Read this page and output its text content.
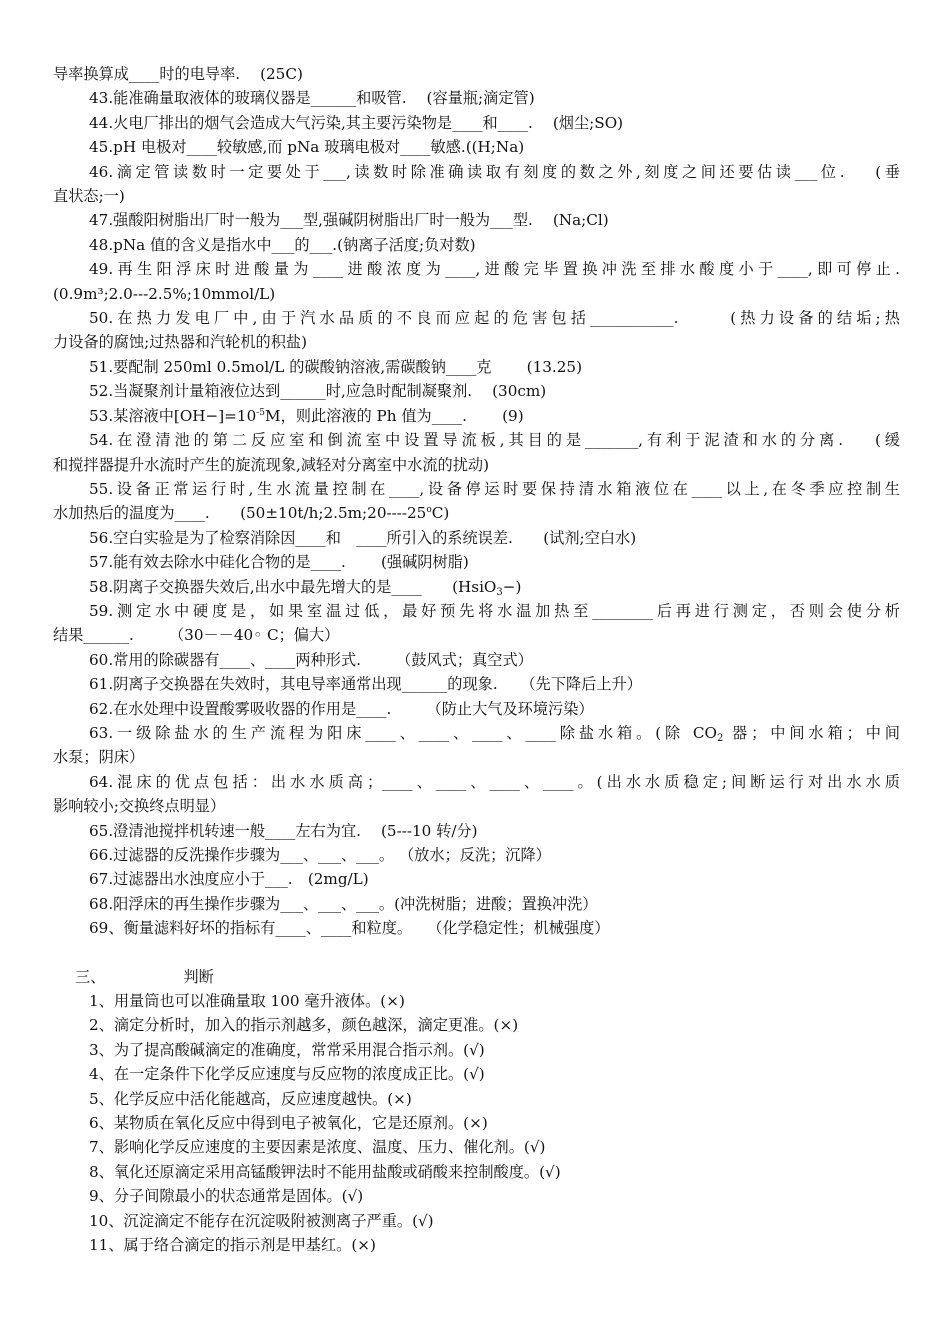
导率换算成____时的电导率.　 (25C)

43.能准确量取液体的玻璃仪器是______和吸管.　 (容量瓶;滴定管)

44.火电厂排出的烟气会造成大气污染,其主要污染物是____和____.　 (烟尘;SO)

45.pH 电极对____较敏感,而 pNa 玻璃电极对____敏感.((H;Na)

46.滴定管读数时一定要处于___,读数时除准确读取有刻度的数之外,刻度之间还要估读___位.　 (垂

直状态;一)

47.强酸阳树脂出厂时一般为___型,强碱阴树脂出厂时一般为___型.　 (Na;Cl)

48.pNa 值的含义是指水中___的___.(钠离子活度;负对数)

49.再生阳浮床时进酸量为____进酸浓度为____,进酸完毕置换冲洗至排水酸度小于____,即可停止.

(0.9m³;2.0---2.5%;10mmol/L)

50.在热力发电厂中,由于汽水品质的不良而应起的危害包括___________.　　 (热力设备的结垢;热

力设备的腐蚀;过热器和汽轮机的积盐)

51.要配制 250ml 0.5mol/L 的碳酸钠溶液,需碳酸钠____克　　 (13.25)

52.当凝聚剂计量箱液位达到______时,应急时配制凝聚剂.　 (30cm)

53.某溶液中$[OH-]=10^{-5}M$，则此溶液的 Ph 值为____.　　 (9)

54.在澄清池的第二反应室和倒流室中设置导流板,其目的是_______,有利于泥渣和水的分离.　 (缓

和搅拌器提升水流时产生的旋流现象,减轻对分离室中水流的扰动)

55.设备正常运行时,生水流量控制在____,设备停运时要保持清水箱液位在____以上,在冬季应控制生

水加热后的温度为____.　　$(50\pm 10t/h;2.5m;20----25^oC)$

56.空白实验是为了检察消除因____和　____所引入的系统误差.　　(试剂;空白水)

57.能有效去除水中硅化合物的是____.　　 (强碱阴树脂)

58.阴离子交换器失效后,出水中最先增大的是____　　(HsiO$_3$−)

59.测定水中硬度是，如果室温过低，最好预先将水温加热至________后再进行测定，否则会使分析

结果______.　　 （30－－40◦ C；偏大）

60.常用的除碳器有____、____两种形式.　　 （鼓风式；真空式）

61.阴离子交换器在失效时，其电导率通常出现______的现象.　　（先下降后上升）

62.在水处理中设置酸雾吸收器的作用是____.　　 （防止大气及环境污染）

63.一级除盐水的生产流程为阳床____、____、____、____除盐水箱。(除 $CO_2$ 器；中间水箱；中间

水泵；阴床）

64.混床的优点包括：出水水质高；____、____、____、____。(出水水质稳定;间断运行对出水水质

影响较小;交换终点明显）

65.澄清池搅拌机转速一般____左右为宜.　 (5---10 转/分)

66.过滤器的反洗操作步骤为___、___、___。 （放水；反洗；沉降）

67.过滤器出水浊度应小于___.　(2mg/L)

68.阳浮床的再生操作步骤为___、___、___。(冲洗树脂；进酸；置换冲洗）

69、衡量滤料好坏的指标有____、____和粒度。　　（化学稳定性；机械强度）

三、	判断

1、用量筒也可以准确量取 100 毫升液体。(×)

2、滴定分析时，加入的指示剂越多，颜色越深，滴定更准。(×)

3、为了提高酸碱滴定的准确度，常常采用混合指示剂。(√)

4、在一定条件下化学反应速度与反应物的浓度成正比。(√)

5、化学反应中活化能越高，反应速度越快。(×)

6、某物质在氧化反应中得到电子被氧化，它是还原剂。(×)

7、影响化学反应速度的主要因素是浓度、温度、压力、催化剂。(√)

8、氧化还原滴定采用高锰酸钾法时不能用盐酸或硝酸来控制酸度。(√)

9、分子间隙最小的状态通常是固体。(√)

10、沉淀滴定不能存在沉淀吸附被测离子严重。(√)

11、属于络合滴定的指示剂是甲基红。(×)
